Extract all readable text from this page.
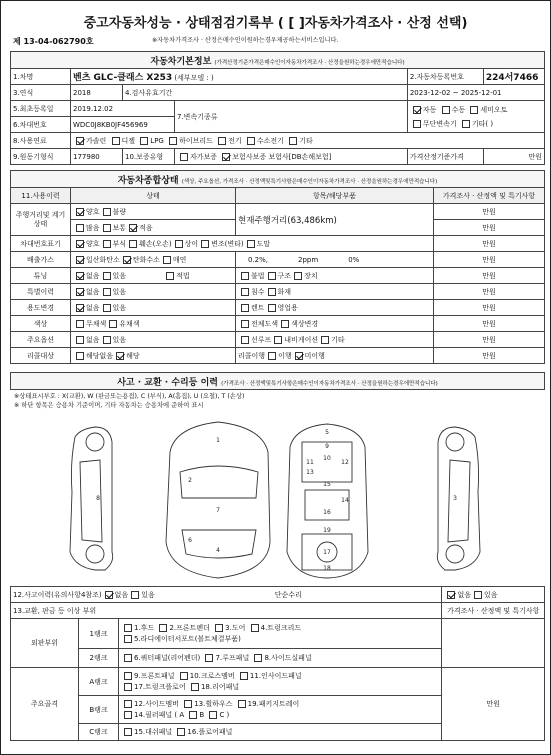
중고자동차성능 · 상태점검기록부 ( [ ]자동차가격조사 · 산정 선택)
제 13-04-062790호	※자동차가격조사 · 산정은매수인이원하는경우제공하는서비스입니다.
자동차기본정보 (가격산정기준가격은매수인이자동차가격조사 · 산정을원하는경우에만적습니다)					
1.차명	벤츠 GLC-클래스 X253 (세부모델 : )			2.자동차등록번호	224서7466
3.연식	2018	4.검사유효기간		2023-12-02 ~ 2025-12-01	
5.최초등록일	2019.12.02		7.변속기종류	자동 수동 세미오토
무단변속기 기타( )	
6.차대번호	WDC0J8KB0JF456969				
8.사용연료	가솔린 디젤 LPG 하이브리드 전기 수소전기 기타				
9.원동기형식	177980	10.보증유형	자가보증 보험사보증 보험사[DB손해보험]	가격산정기준가격	만원
자동차종합상태 (색상, 주요옵션, 가격조사 · 산정액및특기사항은매수인이자동차가격조사 · 산정을원하는경우에만적습니다)			
11.사용이력	상태	항목/해당부품	가격조사 · 산정액 및 특기사항
주행거리및 계기상태	양호 불량	현재주행거리(63,486km)	만원
	많음 보통 적음		만원
차대번호표기	양호 부식 훼손(오손) 상이 변조(변타) 도말		만원
배출가스	일산화탄소 탄화수소 매연	0.2%, 2ppm 0%	만원
튜닝	없음 있음 적법	불법 구조 장치	만원
특별이력	없음 있음	침수 화재	만원
용도변경	없음 있음	렌트 영업용	만원
색상	무채색 유채색	전체도색 색상변경	만원
주요옵션	없음 있음	선루프 내비게이션 기타	만원
리콜대상	해당없음 해당	리콜이행 이행 미이행	만원
사고 · 교환 · 수리등 이력 (가격조사 · 산정액및특기사항은매수인이자동차가격조사 · 산정을원하는경우에만적습니다)
※상태표시부호 : X(교환), W (판금또는용접), C (부식), A(흠집), U (요철), T (손상)
※ 하단 항목은 승용차 기준이며, 기타 자동차는 승용차에 준하여 표시
1
2
3
4
5
6
7
8
9
10
11	12
13
14
15
16
17
18
19
12.사고이력(유의사항4참조) 없음 있음 단순수리			없음 있음
13.교환, 판금 등 이상 부위			가격조사 · 산정액 및 특기사항
외판부위	1랭크	1.후드 2.프론트펜더 3.도어 4.트렁크리드
5.라디에이터서포트(볼트체결부품)	
	2랭크	6.쿼터패널(리어펜더) 7.루프패널 8.사이드실패널	
주요골격	A랭크	9.프론트패널 10.크로스멤버 11.인사이드패널
17.트렁크플로어 18.리어패널	만원
	B랭크	12.사이드멤버 13.휠하우스 19.패키지트레이
14.필러패널 ( A B C )	
	C랭크	15.대쉬패널 16.플로어패널	
